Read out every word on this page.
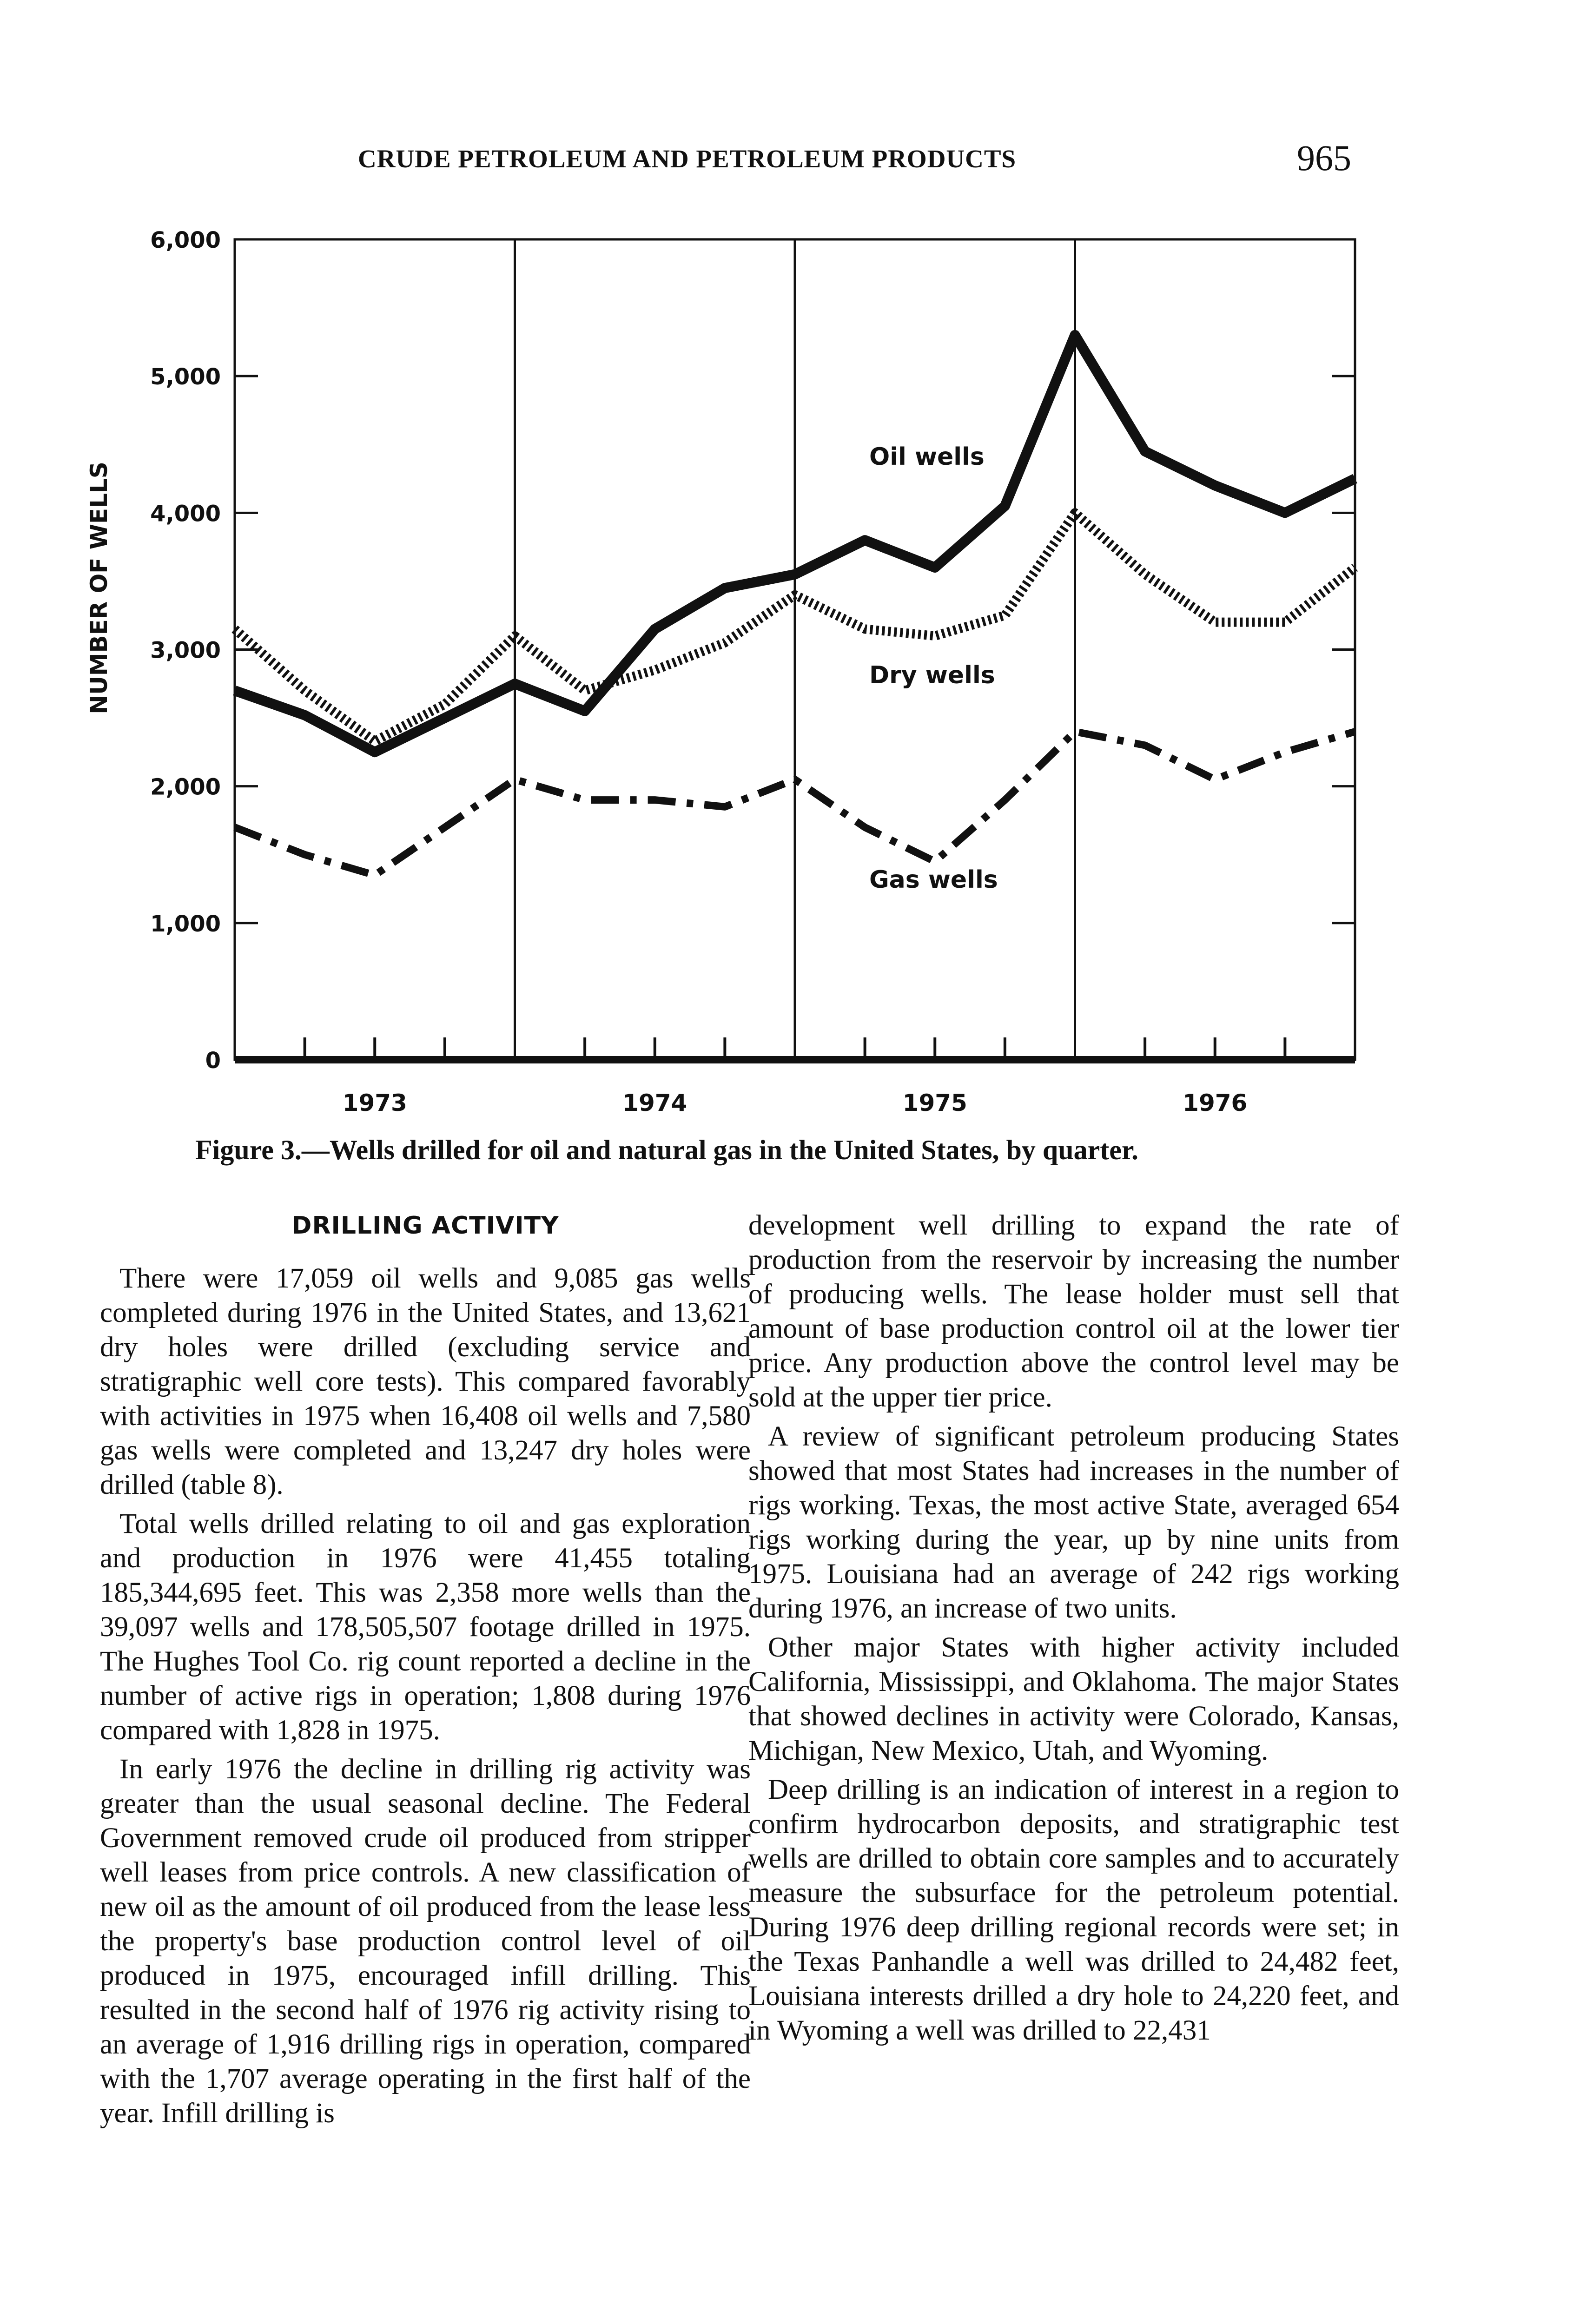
CRUDE PETROLEUM AND PETROLEUM PRODUCTS	965
0
1,000
2,000
3,000
4,000
5,000
6,000
NUMBER OF WELLS
Oil wells
Dry wells
Gas wells
1973	1974	1975	1976
Figure 3.—Wells drilled for oil and natural gas in the United States, by quarter.
DRILLING ACTIVITY

There were 17,059 oil wells and 9,085 gas wells completed during 1976 in the United States, and 13,621 dry holes were drilled (excluding service and stratigraphic well core tests). This compared favorably with activities in 1975 when 16,408 oil wells and 7,580 gas wells were completed and 13,247 dry holes were drilled (table 8).

Total wells drilled relating to oil and gas exploration and production in 1976 were 41,455 totaling 185,344,695 feet. This was 2,358 more wells than the 39,097 wells and 178,505,507 footage drilled in 1975. The Hughes Tool Co. rig count reported a decline in the number of active rigs in operation; 1,808 during 1976 compared with 1,828 in 1975.

In early 1976 the decline in drilling rig activity was greater than the usual seasonal decline. The Federal Government removed crude oil produced from stripper well leases from price controls. A new classification of new oil as the amount of oil produced from the lease less the property's base production control level of oil produced in 1975, encouraged infill drilling. This resulted in the second half of 1976 rig activity rising to an average of 1,916 drilling rigs in operation, compared with the 1,707 average operating in the first half of the year. Infill drilling is

development well drilling to expand the rate of production from the reservoir by increasing the number of producing wells. The lease holder must sell that amount of base production control oil at the lower tier price. Any production above the control level may be sold at the upper tier price.

A review of significant petroleum producing States showed that most States had increases in the number of rigs working. Texas, the most active State, averaged 654 rigs working during the year, up by nine units from 1975. Louisiana had an average of 242 rigs working during 1976, an increase of two units.

Other major States with higher activity included California, Mississippi, and Oklahoma. The major States that showed declines in activity were Colorado, Kansas, Michigan, New Mexico, Utah, and Wyoming.

Deep drilling is an indication of interest in a region to confirm hydrocarbon deposits, and stratigraphic test wells are drilled to obtain core samples and to accurately measure the subsurface for the petroleum potential. During 1976 deep drilling regional records were set; in the Texas Panhandle a well was drilled to 24,482 feet, Louisiana interests drilled a dry hole to 24,220 feet, and in Wyoming a well was drilled to 22,431
